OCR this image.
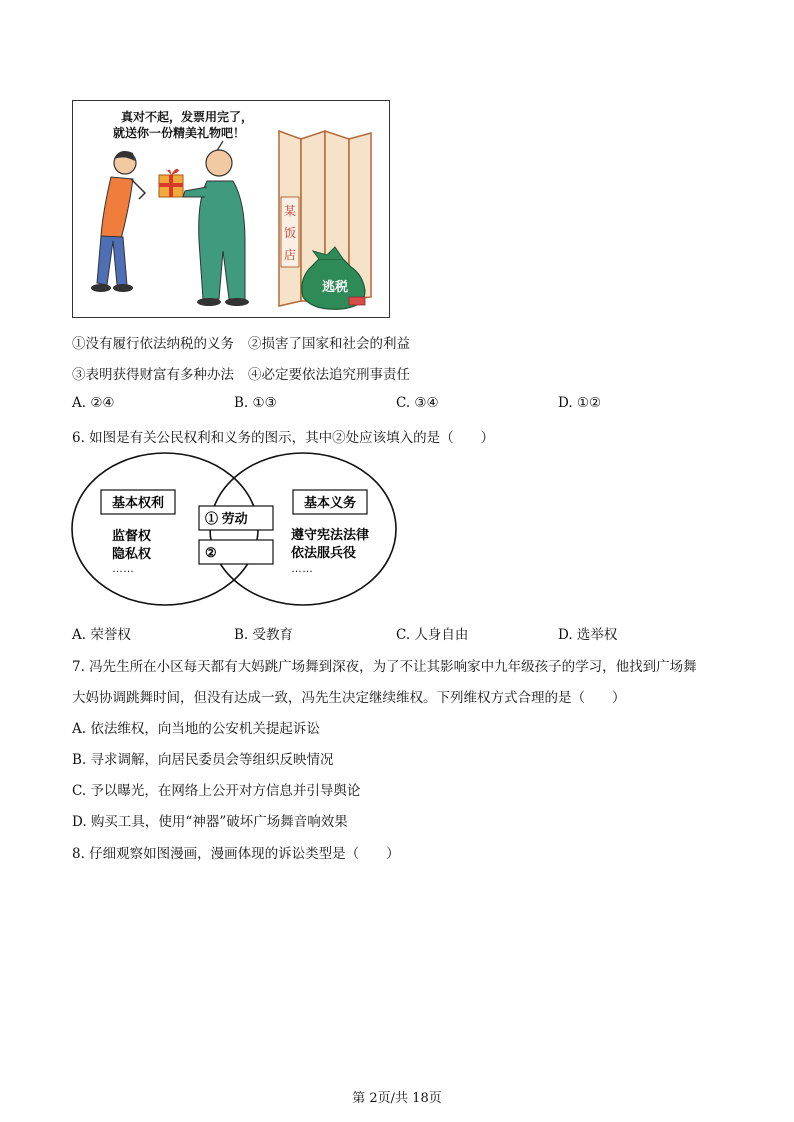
真对不起，发票用完了，
就送你一份精美礼物吧！
某
饭
店
逃税
①没有履行依法纳税的义务 ②损害了国家和社会的利益
③表明获得财富有多种办法 ④必定要依法追究刑事责任
A. ②④	B. ①③	C. ③④	D. ①②
6. 如图是有关公民权利和义务的图示，其中②处应该填入的是（　　）
基本权利
监督权
隐私权
……
① 劳动
②
基本义务
遵守宪法法律
依法服兵役
……
A. 荣誉权	B. 受教育	C. 人身自由	D. 选举权
7. 冯先生所在小区每天都有大妈跳广场舞到深夜，为了不让其影响家中九年级孩子的学习，他找到广场舞
大妈协调跳舞时间，但没有达成一致，冯先生决定继续维权。下列维权方式合理的是（　　）
A. 依法维权，向当地的公安机关提起诉讼
B. 寻求调解，向居民委员会等组织反映情况
C. 予以曝光，在网络上公开对方信息并引导舆论
D. 购买工具，使用“神器”破坏广场舞音响效果
8. 仔细观察如图漫画，漫画体现的诉讼类型是（　　）
第 2页/共 18页
